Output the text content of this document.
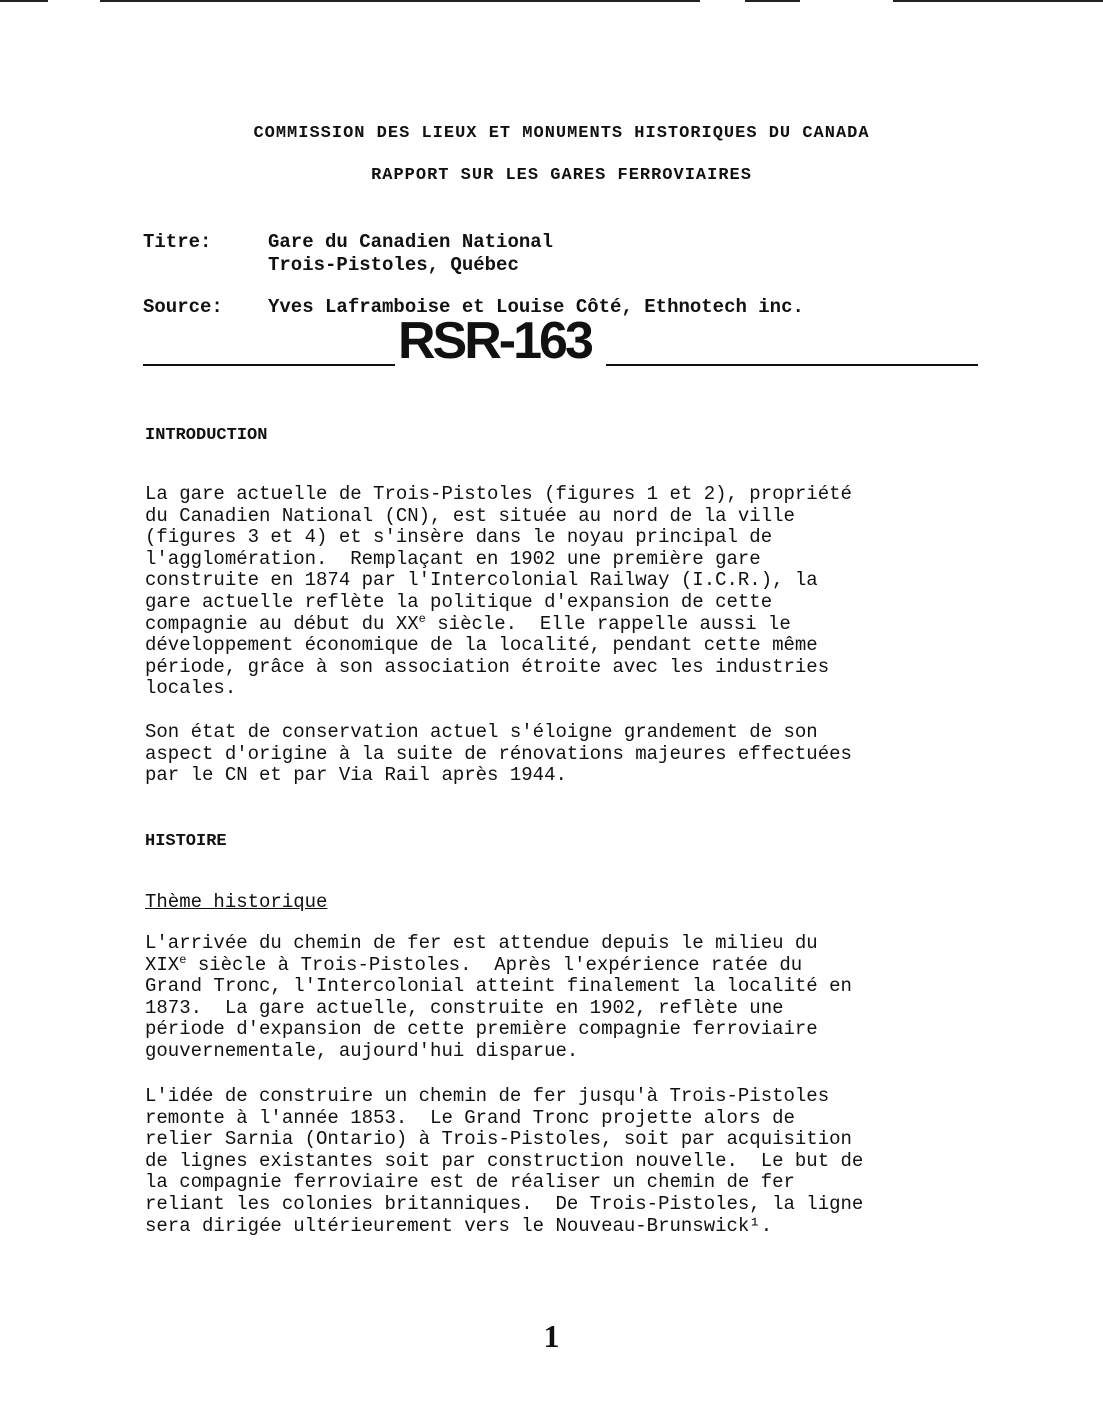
COMMISSION DES LIEUX ET MONUMENTS HISTORIQUES DU CANADA
RAPPORT SUR LES GARES FERROVIAIRES
Titre:	Gare du Canadien National
Trois-Pistoles, Québec
Source: Yves Laframboise et Louise Côté, Ethnotech inc.
RSR-163
INTRODUCTION
La gare actuelle de Trois-Pistoles (figures 1 et 2), propriété
du Canadien National (CN), est située au nord de la ville
(figures 3 et 4) et s'insère dans le noyau principal de
l'agglomération.  Remplaçant en 1902 une première gare
construite en 1874 par l'Intercolonial Railway (I.C.R.), la
gare actuelle reflète la politique d'expansion de cette
compagnie au début du XXe siècle.  Elle rappelle aussi le
développement économique de la localité, pendant cette même
période, grâce à son association étroite avec les industries
locales.
Son état de conservation actuel s'éloigne grandement de son
aspect d'origine à la suite de rénovations majeures effectuées
par le CN et par Via Rail après 1944.
HISTOIRE
Thème historique
L'arrivée du chemin de fer est attendue depuis le milieu du
XIXe siècle à Trois-Pistoles.  Après l'expérience ratée du
Grand Tronc, l'Intercolonial atteint finalement la localité en
1873.  La gare actuelle, construite en 1902, reflète une
période d'expansion de cette première compagnie ferroviaire
gouvernementale, aujourd'hui disparue.
L'idée de construire un chemin de fer jusqu'à Trois-Pistoles
remonte à l'année 1853.  Le Grand Tronc projette alors de
relier Sarnia (Ontario) à Trois-Pistoles, soit par acquisition
de lignes existantes soit par construction nouvelle.  Le but de
la compagnie ferroviaire est de réaliser un chemin de fer
reliant les colonies britanniques.  De Trois-Pistoles, la ligne
sera dirigée ultérieurement vers le Nouveau-Brunswick¹.
1
